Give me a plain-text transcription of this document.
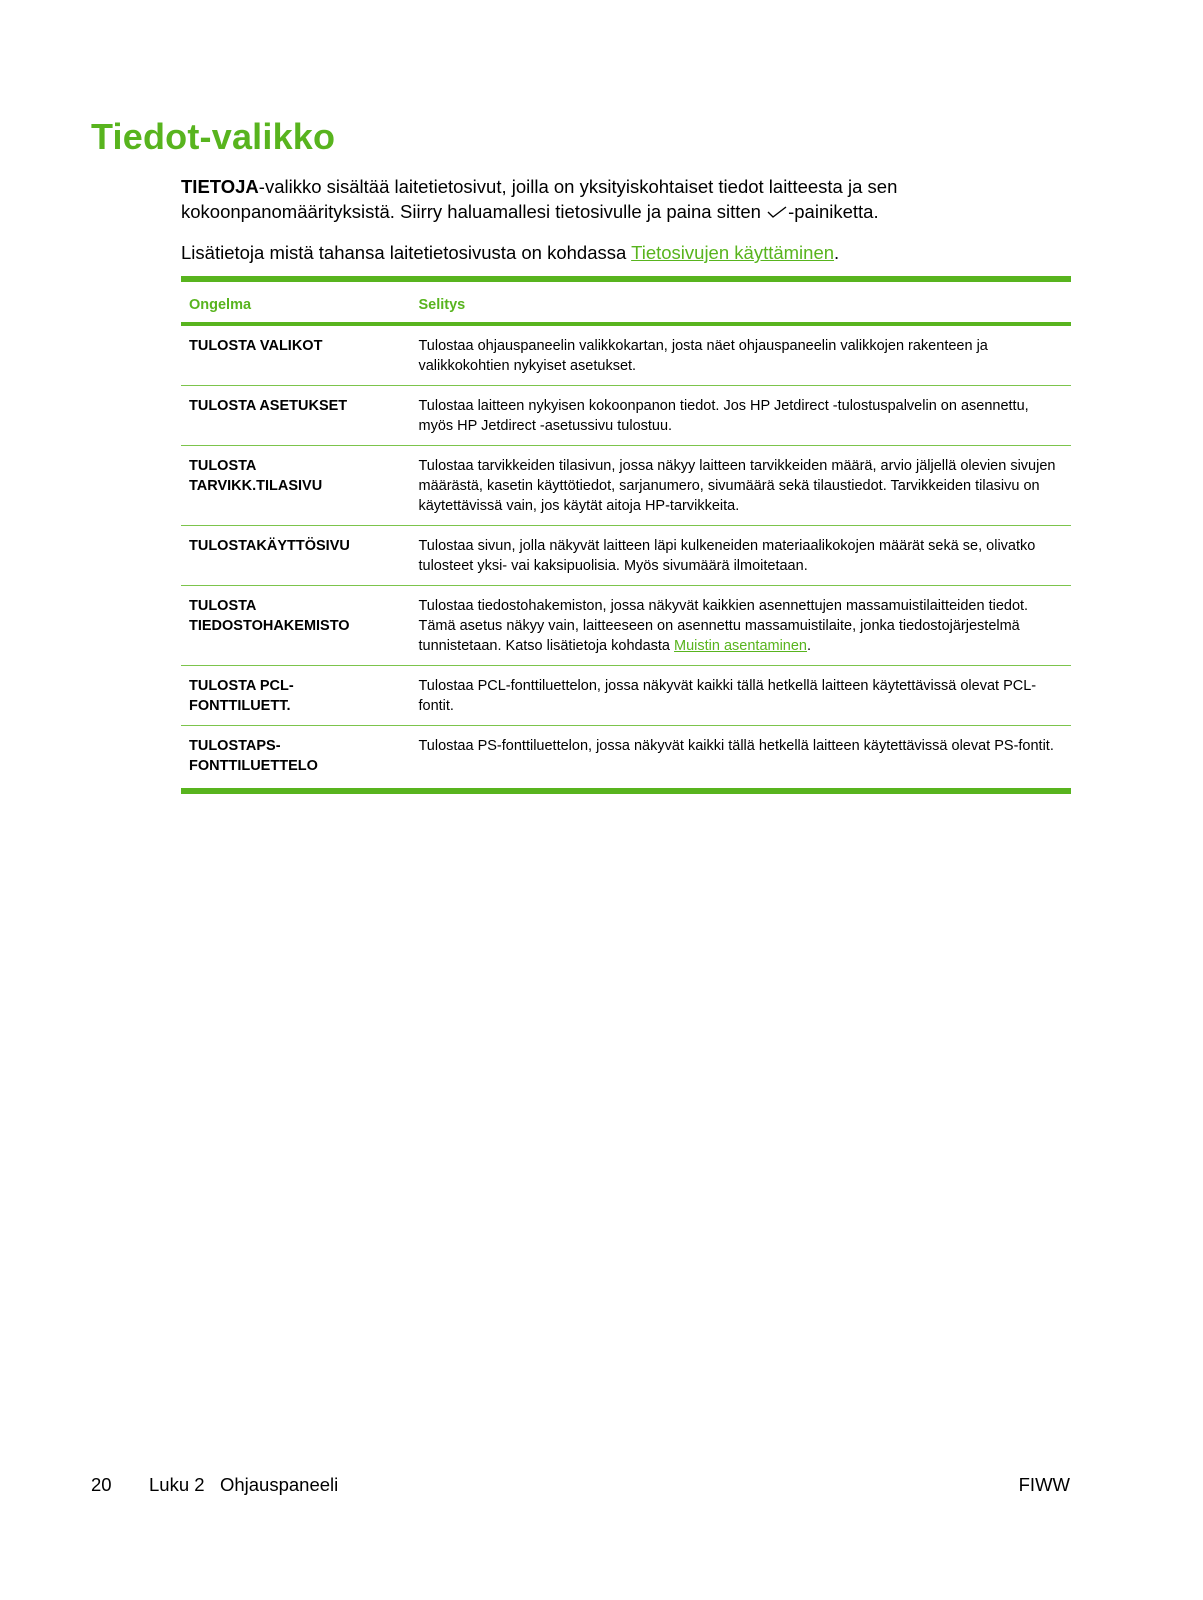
Tiedot-valikko

TIETOJA-valikko sisältää laitetietosivut, joilla on yksityiskohtaiset tiedot laitteesta ja sen kokoonpanomäärityksistä. Siirry haluamallesi tietosivulle ja paina sitten -painiketta.

Lisätietoja mistä tahansa laitetietosivusta on kohdassa Tietosivujen käyttäminen.

Ongelma	Selitys
TULOSTA VALIKOT	Tulostaa ohjauspaneelin valikkokartan, josta näet ohjauspaneelin valikkojen rakenteen ja valikkokohtien nykyiset asetukset.
TULOSTA ASETUKSET	Tulostaa laitteen nykyisen kokoonpanon tiedot. Jos HP Jetdirect -tulostuspalvelin on asennettu, myös HP Jetdirect -asetussivu tulostuu.
TULOSTA
TARVIKK.TILASIVU	Tulostaa tarvikkeiden tilasivun, jossa näkyy laitteen tarvikkeiden määrä, arvio jäljellä olevien sivujen määrästä, kasetin käyttötiedot, sarjanumero, sivumäärä sekä tilaustiedot. Tarvikkeiden tilasivu on käytettävissä vain, jos käytät aitoja HP-tarvikkeita.
TULOSTAKÄYTTÖSIVU	Tulostaa sivun, jolla näkyvät laitteen läpi kulkeneiden materiaalikokojen määrät sekä se, olivatko tulosteet yksi- vai kaksipuolisia. Myös sivumäärä ilmoitetaan.
TULOSTA
TIEDOSTOHAKEMISTO	Tulostaa tiedostohakemiston, jossa näkyvät kaikkien asennettujen massamuistilaitteiden tiedot. Tämä asetus näkyy vain, laitteeseen on asennettu massamuistilaite, jonka tiedostojärjestelmä tunnistetaan. Katso lisätietoja kohdasta Muistin asentaminen.
TULOSTA PCL-
FONTTILUETT.	Tulostaa PCL-fonttiluettelon, jossa näkyvät kaikki tällä hetkellä laitteen käytettävissä olevat PCL-fontit.
TULOSTAPS-
FONTTILUETTELO	Tulostaa PS-fonttiluettelon, jossa näkyvät kaikki tällä hetkellä laitteen käytettävissä olevat PS-fontit.
20 Luku 2   Ohjauspaneeli	FIWW
